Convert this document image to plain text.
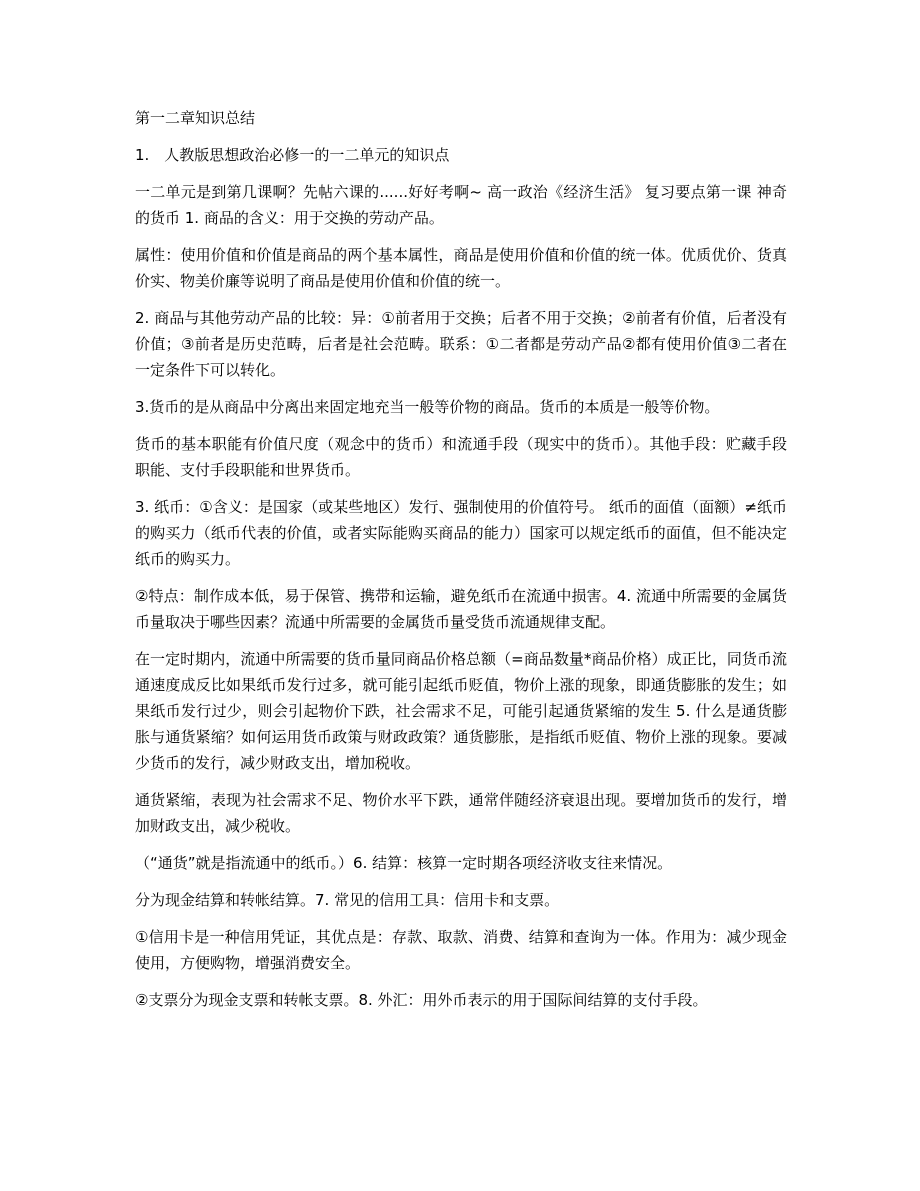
第一二章知识总结

1.　人教版思想政治必修一的一二单元的知识点

一二单元是到第几课啊？先帖六课的......好好考啊~ 高一政治《经济生活》 复习要点第一课 神奇的货币 1. 商品的含义：用于交换的劳动产品。

属性：使用价值和价值是商品的两个基本属性，商品是使用价值和价值的统一体。优质优价、货真价实、物美价廉等说明了商品是使用价值和价值的统一。

2. 商品与其他劳动产品的比较：异：①前者用于交换；后者不用于交换；②前者有价值，后者没有价值；③前者是历史范畴，后者是社会范畴。联系：①二者都是劳动产品②都有使用价值③二者在一定条件下可以转化。

3.货币的是从商品中分离出来固定地充当一般等价物的商品。货币的本质是一般等价物。

货币的基本职能有价值尺度（观念中的货币）和流通手段（现实中的货币）。其他手段：贮藏手段职能、支付手段职能和世界货币。

3. 纸币：①含义：是国家（或某些地区）发行、强制使用的价值符号。 纸币的面值（面额）≠纸币的购买力（纸币代表的价值，或者实际能购买商品的能力）国家可以规定纸币的面值，但不能决定纸币的购买力。

②特点：制作成本低，易于保管、携带和运输，避免纸币在流通中损害。4. 流通中所需要的金属货币量取决于哪些因素？流通中所需要的金属货币量受货币流通规律支配。

在一定时期内，流通中所需要的货币量同商品价格总额（=商品数量*商品价格）成正比，同货币流通速度成反比如果纸币发行过多，就可能引起纸币贬值，物价上涨的现象，即通货膨胀的发生；如果纸币发行过少，则会引起物价下跌，社会需求不足，可能引起通货紧缩的发生 5. 什么是通货膨胀与通货紧缩？如何运用货币政策与财政政策？通货膨胀，是指纸币贬值、物价上涨的现象。要减少货币的发行，减少财政支出，增加税收。

通货紧缩，表现为社会需求不足、物价水平下跌，通常伴随经济衰退出现。要增加货币的发行，增加财政支出，减少税收。

（“通货”就是指流通中的纸币。）6. 结算：核算一定时期各项经济收支往来情况。

分为现金结算和转帐结算。7. 常见的信用工具：信用卡和支票。

①信用卡是一种信用凭证，其优点是：存款、取款、消费、结算和查询为一体。作用为：减少现金使用，方便购物，增强消费安全。

②支票分为现金支票和转帐支票。8. 外汇：用外币表示的用于国际间结算的支付手段。
